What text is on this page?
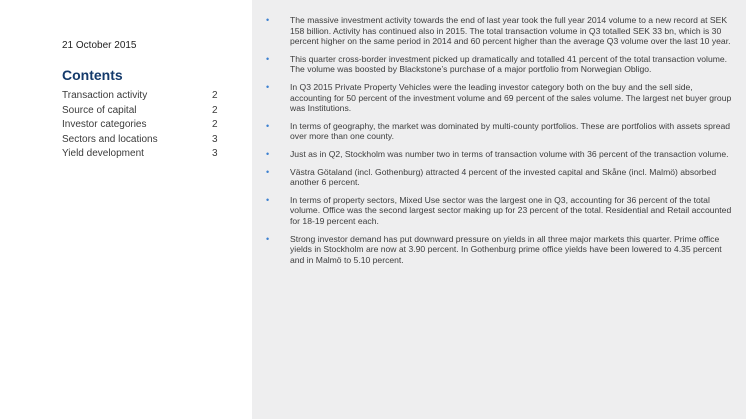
21 October 2015
Contents
Transaction activity	2
Source of capital	2
Investor categories	2
Sectors and locations	3
Yield development	3
• The massive investment activity towards the end of last year took the full year 2014 volume to a new record at SEK 158 billion. Activity has continued also in 2015. The total transaction volume in Q3 totalled SEK 33 bn, which is 30 percent higher on the same period in 2014 and 60 percent higher than the average Q3 volume over the last 10 year.
• This quarter cross-border investment picked up dramatically and totalled 41 percent of the total transaction volume. The volume was boosted by Blackstone’s purchase of a major portfolio from Norwegian Obligo.
• In Q3 2015 Private Property Vehicles were the leading investor category both on the buy and the sell side, accounting for 50 percent of the investment volume and 69 percent of the sales volume. The largest net buyer group was Institutions.
• In terms of geography, the market was dominated by multi-county portfolios. These are portfolios with assets spread over more than one county.
• Just as in Q2, Stockholm was number two in terms of transaction volume with 36 percent of the transaction volume.
• Västra Götaland (incl. Gothenburg) attracted 4 percent of the invested capital and Skåne (incl. Malmö) absorbed another 6 percent.
• In terms of property sectors, Mixed Use sector was the largest one in Q3, accounting for 36 percent of the total volume. Office was the second largest sector making up for 23 percent of the total. Residential and Retail accounted for 18-19 percent each.
• Strong investor demand has put downward pressure on yields in all three major markets this quarter. Prime office yields in Stockholm are now at 3.90 percent. In Gothenburg prime office yields have been lowered to 4.35 percent and in Malmö to 5.10 percent.
